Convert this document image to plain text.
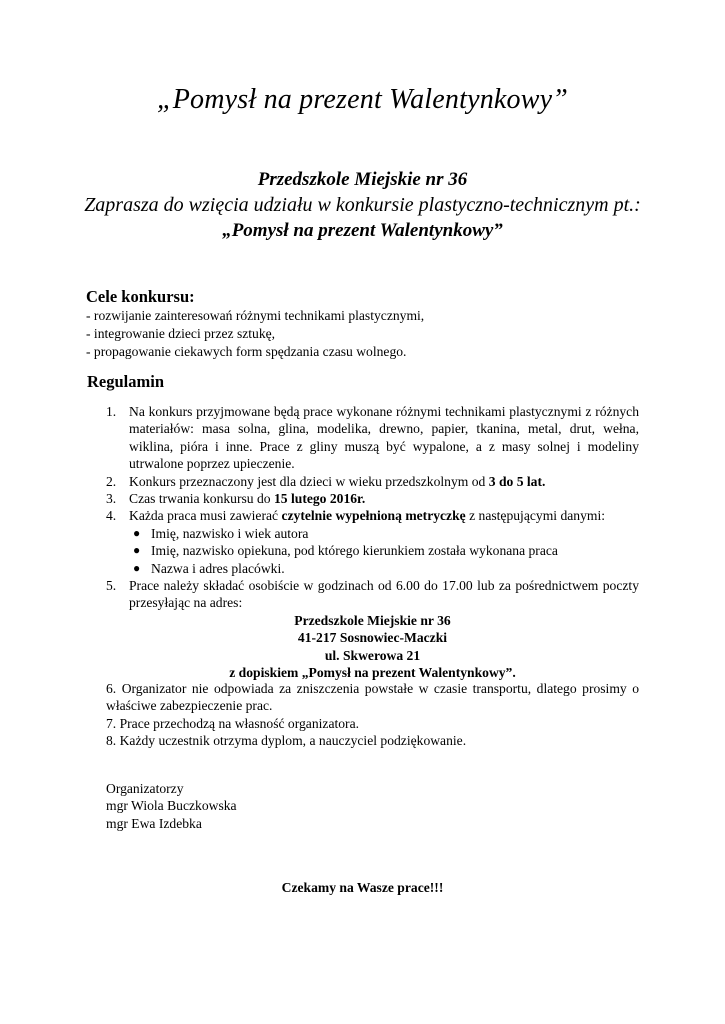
„Pomysł na prezent Walentynkowy”
Przedszkole Miejskie nr 36
Zaprasza do wzięcia udziału w konkursie plastyczno-technicznym pt.:
„Pomysł na prezent Walentynkowy”
Cele konkursu:
- rozwijanie zainteresowań różnymi technikami plastycznymi,
- integrowanie dzieci przez sztukę,
- propagowanie ciekawych form spędzania czasu wolnego.
Regulamin
1. Na konkurs przyjmowane będą prace wykonane różnymi technikami plastycznymi z różnych materiałów: masa solna, glina, modelika, drewno, papier, tkanina, metal, drut, wełna, wiklina, pióra i inne. Prace z gliny muszą być wypalone, a z masy solnej i modeliny utrwalone poprzez upieczenie.
2. Konkurs przeznaczony jest dla dzieci w wieku przedszkolnym od 3 do 5 lat.
3. Czas trwania konkursu do 15 lutego 2016r.
4. Każda praca musi zawierać czytelnie wypełnioną metryczkę z następującymi danymi:
● Imię, nazwisko i wiek autora
● Imię, nazwisko opiekuna, pod którego kierunkiem została wykonana praca
● Nazwa i adres placówki.
5. Prace należy składać osobiście w godzinach od 6.00 do 17.00 lub za pośrednictwem poczty przesyłając na adres:
Przedszkole Miejskie nr 36
41-217 Sosnowiec-Maczki
ul. Skwerowa 21
z dopiskiem „Pomysł na prezent Walentynkowy”.
6. Organizator nie odpowiada za zniszczenia powstałe w czasie transportu, dlatego prosimy o właściwe zabezpieczenie prac.
7. Prace przechodzą na własność organizatora.
8. Każdy uczestnik otrzyma dyplom, a nauczyciel podziękowanie.
Organizatorzy
mgr Wiola Buczkowska
mgr Ewa Izdebka
Czekamy na Wasze prace!!!
